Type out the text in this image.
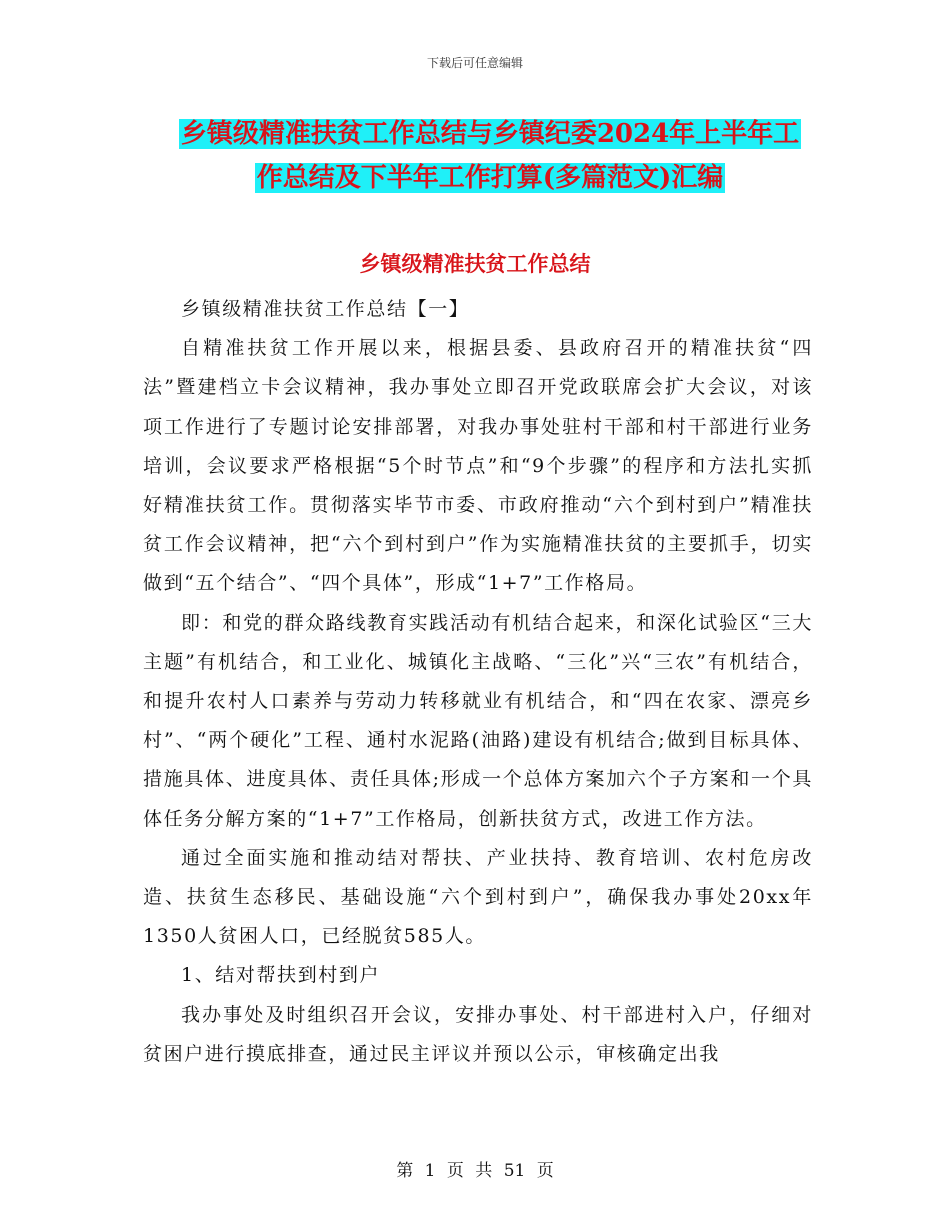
下载后可任意编辑
乡镇级精准扶贫工作总结与乡镇纪委2024年上半年工
作总结及下半年工作打算(多篇范文)汇编
乡镇级精准扶贫工作总结

乡镇级精准扶贫工作总结【一】

自精准扶贫工作开展以来，根据县委、县政府召开的精准扶贫“四法”暨建档立卡会议精神，我办事处立即召开党政联席会扩大会议，对该项工作进行了专题讨论安排部署，对我办事处驻村干部和村干部进行业务培训，会议要求严格根据“5个时节点”和“9个步骤”的程序和方法扎实抓好精准扶贫工作。贯彻落实毕节市委、市政府推动“六个到村到户”精准扶贫工作会议精神，把“六个到村到户”作为实施精准扶贫的主要抓手，切实做到“五个结合”、“四个具体”，形成“1+7”工作格局。

即：和党的群众路线教育实践活动有机结合起来，和深化试验区“三大主题”有机结合，和工业化、城镇化主战略、“三化”兴“三农”有机结合，和提升农村人口素养与劳动力转移就业有机结合，和“四在农家、漂亮乡村”、“两个硬化”工程、通村水泥路(油路)建设有机结合;做到目标具体、措施具体、进度具体、责任具体;形成一个总体方案加六个子方案和一个具体任务分解方案的“1+7”工作格局，创新扶贫方式，改进工作方法。

通过全面实施和推动结对帮扶、产业扶持、教育培训、农村危房改造、扶贫生态移民、基础设施“六个到村到户”，确保我办事处20xx年1350人贫困人口，已经脱贫585人。

1、结对帮扶到村到户

我办事处及时组织召开会议，安排办事处、村干部进村入户，仔细对贫困户进行摸底排查，通过民主评议并预以公示，审核确定出我

第 1 页 共 51 页
